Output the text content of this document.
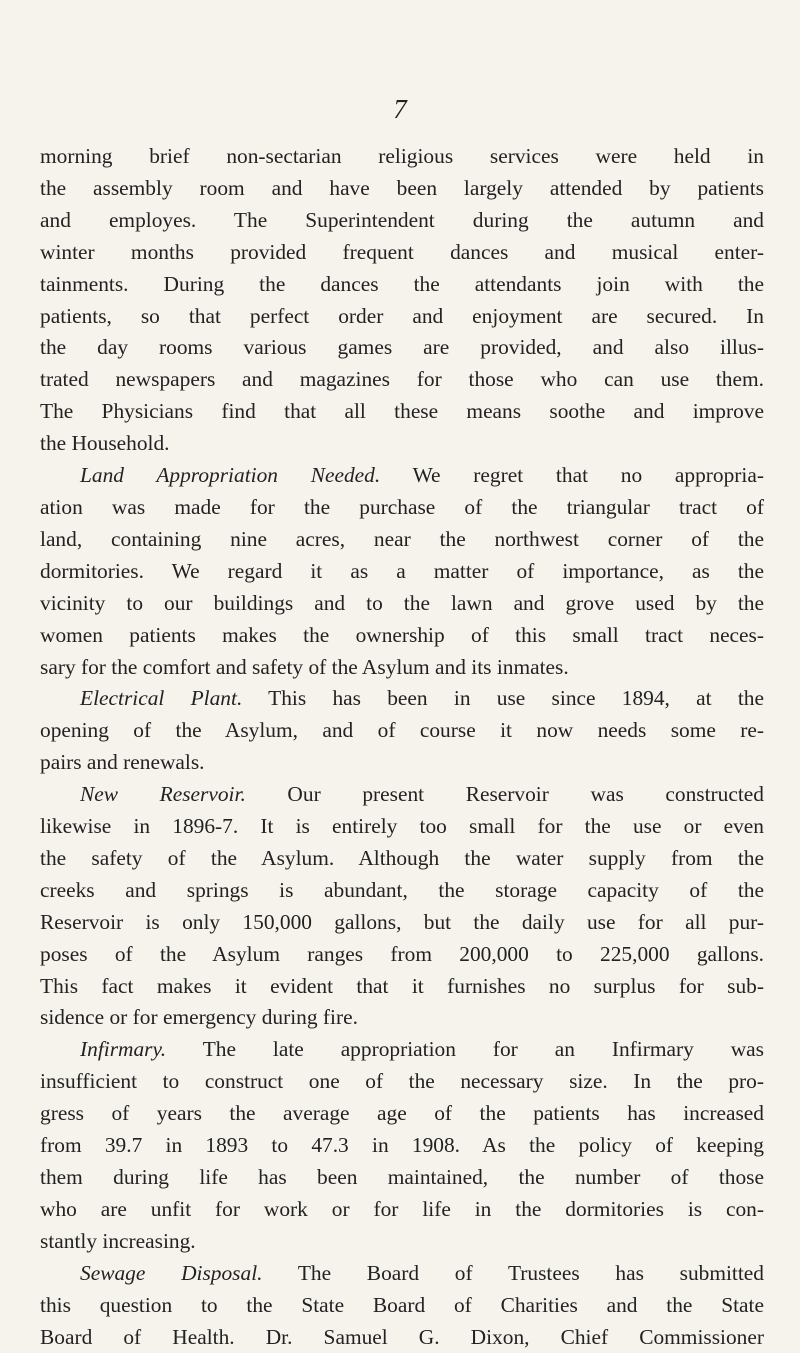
7
morning brief non-sectarian religious services were held in
the assembly room and have been largely attended by patients
and employes. The Superintendent during the autumn and
winter months provided frequent dances and musical enter-
tainments. During the dances the attendants join with the
patients, so that perfect order and enjoyment are secured. In
the day rooms various games are provided, and also illus-
trated newspapers and magazines for those who can use them.
The Physicians find that all these means soothe and improve
the Household.
Land Appropriation Needed. We regret that no appropria-
ation was made for the purchase of the triangular tract of
land, containing nine acres, near the northwest corner of the
dormitories. We regard it as a matter of importance, as the
vicinity to our buildings and to the lawn and grove used by the
women patients makes the ownership of this small tract neces-
sary for the comfort and safety of the Asylum and its inmates.
Electrical Plant. This has been in use since 1894, at the
opening of the Asylum, and of course it now needs some re-
pairs and renewals.
New Reservoir. Our present Reservoir was constructed
likewise in 1896-7. It is entirely too small for the use or even
the safety of the Asylum. Although the water supply from the
creeks and springs is abundant, the storage capacity of the
Reservoir is only 150,000 gallons, but the daily use for all pur-
poses of the Asylum ranges from 200,000 to 225,000 gallons.
This fact makes it evident that it furnishes no surplus for sub-
sidence or for emergency during fire.
Infirmary. The late appropriation for an Infirmary was
insufficient to construct one of the necessary size. In the pro-
gress of years the average age of the patients has increased
from 39.7 in 1893 to 47.3 in 1908. As the policy of keeping
them during life has been maintained, the number of those
who are unfit for work or for life in the dormitories is con-
stantly increasing.
Sewage Disposal. The Board of Trustees has submitted
this question to the State Board of Charities and the State
Board of Health. Dr. Samuel G. Dixon, Chief Commissioner
